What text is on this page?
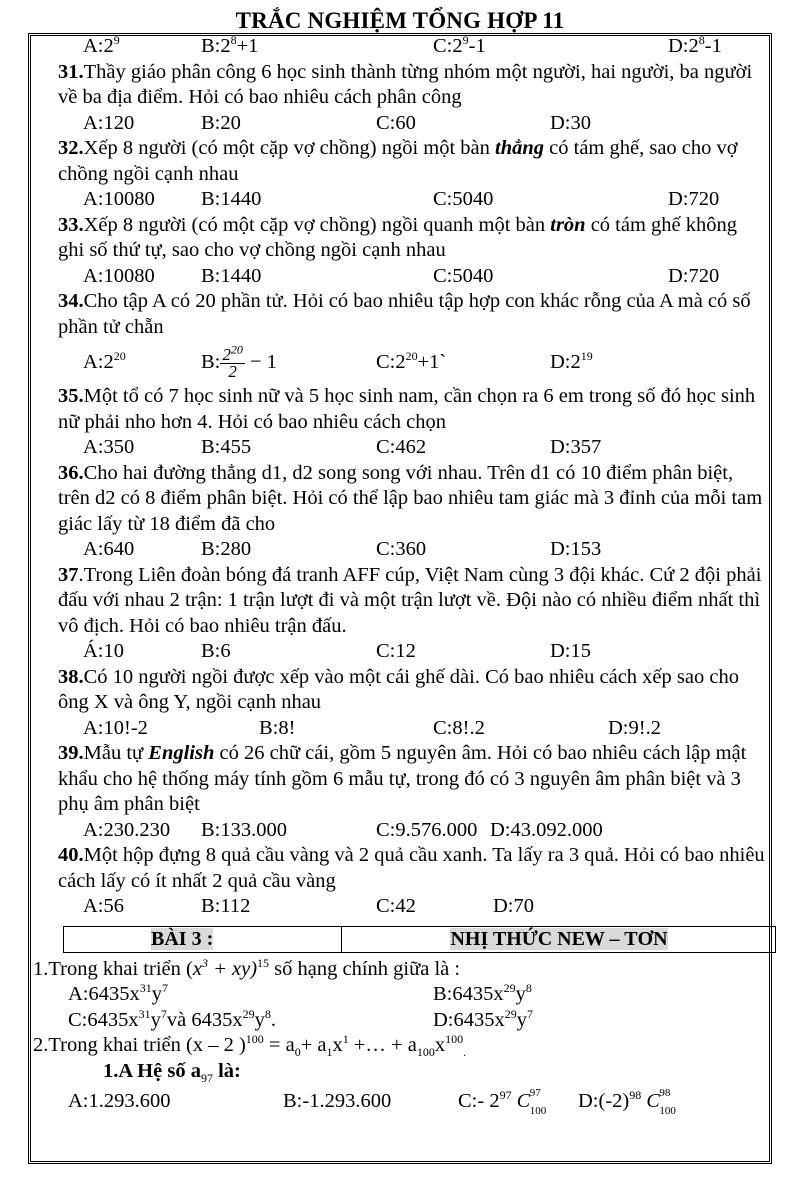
TRẮC NGHIỆM TỔNG HỢP 11
$A:2^9$	$B:2^8+1$	$C:2^9-1$	$D:2^8-1$
31.Thầy giáo phân công 6 học sinh thành từng nhóm một người, hai người, ba người về ba địa điểm. Hỏi có bao nhiêu cách phân công
A:120	B:20	C:60	D:30
32.Xếp 8 người (có một cặp vợ chồng) ngồi một bàn thẳng có tám ghế, sao cho vợ chồng ngồi cạnh nhau
A:10080 B:1440	C:5040	D:720
33.Xếp 8 người (có một cặp vợ chồng) ngồi quanh một bàn tròn có tám ghế không ghi số thứ tự, sao cho vợ chồng ngồi cạnh nhau
A:10080 B:1440	C:5040	D:720
34.Cho tập A có 20 phần tử. Hỏi có bao nhiêu tập hợp con khác rỗng của A mà có số phần tử chẵn
$A:2^{20}$	B: $\frac{2^{20}}{2} - 1$	$C:2^{20}+1`$	$D:2^{19}$
35.Một tổ có 7 học sinh nữ và 5 học sinh nam, cần chọn ra 6 em trong số đó học sinh nữ phải nho hơn 4. Hỏi có bao nhiêu cách chọn
A:350	B:455	C:462	D:357
36.Cho hai đường thẳng d1, d2 song song với nhau. Trên d1 có 10 điểm phân biệt, trên d2 có 8 điểm phân biệt. Hỏi có thể lập bao nhiêu tam giác mà 3 đỉnh của mỗi tam giác lấy từ 18 điểm đã cho
A:640	B:280	C:360	D:153
37.Trong Liên đoàn bóng đá tranh AFF cúp, Việt Nam cùng 3 đội khác. Cứ 2 đội phải đấu với nhau 2 trận: 1 trận lượt đi và một trận lượt về. Đội nào có nhiều điểm nhất thì vô địch. Hỏi có bao nhiêu trận đấu.
Á:10	B:6	C:12	D:15
38.Có 10 người ngồi được xếp vào một cái ghế dài. Có bao nhiêu cách xếp sao cho ông X và ông Y, ngồi cạnh nhau
A:10!-2	B:8!	C:8!.2	D:9!.2
39.Mẫu tự English có 26 chữ cái, gồm 5 nguyên âm. Hỏi có bao nhiêu cách lập mật khẩu cho hệ thống máy tính gồm 6 mẫu tự, trong đó có 3 nguyên âm phân biệt và 3 phụ âm phân biệt
A:230.230 B:133.000	C:9.576.000 D:43.092.000
40.Một hộp đựng 8 quả cầu vàng và 2 quả cầu xanh. Ta lấy ra 3 quả. Hỏi có bao nhiêu cách lấy có ít nhất 2 quả cầu vàng
A:56	B:112	C:42	D:70
BÀI 3 :	NHỊ THỨC NEW – TƠN
1.Trong khai triển $(x^3 + xy)^{15}$ số hạng chính giữa là :
$A:6435x^{31}y^7$	$B:6435x^{29}y^8$
$C:6435x^{31}y^7và$ $6435x^{29}y^8$.	$D:6435x^{29}y^7$
2.Trong khai triển (x – 2 )$^{100} = a_0+ a_1x^1$ +… + $a_{100}x^{100}_.$
1.A Hệ số $a_{97}$ là:
A:1.293.600	B:-1.293.600	C:- $2^{97}$ C 97
100 $D:(-2)^{98}$ C 98
100
